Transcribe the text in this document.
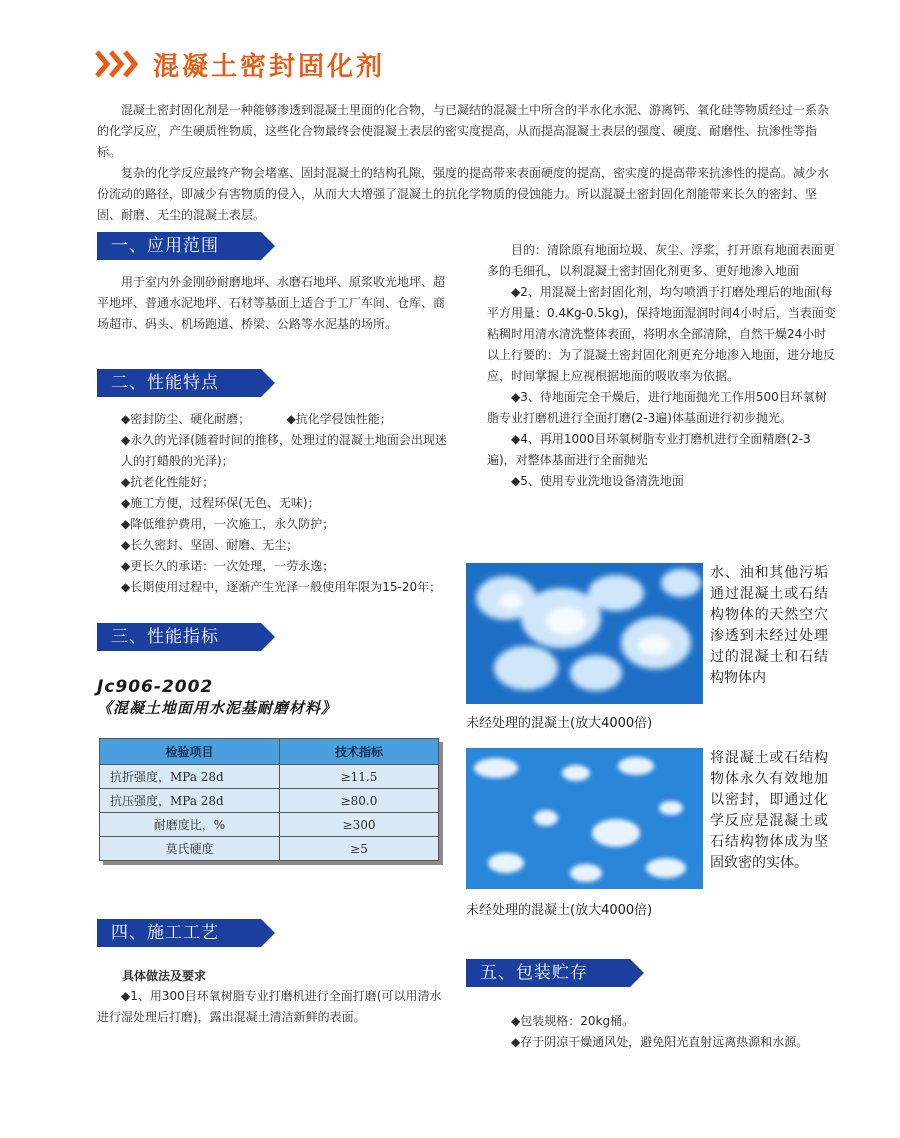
混凝土密封固化剂

混凝土密封固化剂是一种能够渗透到混凝土里面的化合物，与已凝结的混凝土中所含的半水化水泥、游离钙、氧化硅等物质经过一系杂的化学反应，产生硬质性物质，这些化合物最终会使混凝土表层的密实度提高，从而提高混凝土表层的强度、硬度、耐磨性、抗渗性等指标。

复杂的化学反应最终产物会堵塞、固封混凝土的结构孔隙，强度的提高带来表面硬度的提高，密实度的提高带来抗渗性的提高。减少水份流动的路径，即减少有害物质的侵入，从而大大增强了混凝土的抗化学物质的侵蚀能力。所以混凝土密封固化剂能带来长久的密封、坚固、耐磨、无尘的混凝土表层。

一、应用范围
用于室内外金刚砂耐磨地坪、水磨石地坪、原浆收光地坪、超平地坪、普通水泥地坪、石材等基面上适合于工厂车间、仓库、商场超市、码头、机场跑道、桥梁、公路等水泥基的场所。
二、性能特点
◆密封防尘、硬化耐磨；	◆抗化学侵蚀性能；

◆永久的光泽(随着时间的推移，处理过的混凝土地面会出现迷人的打蜡般的光泽)；

◆抗老化性能好；

◆施工方便，过程环保(无色、无味)；

◆降低维护费用，一次施工，永久防护；

◆长久密封、坚固、耐磨、无尘；

◆更长久的承诺：一次处理，一劳永逸；

◆长期使用过程中，逐渐产生光泽一般使用年限为15-20年；

三、性能指标
Jc906-2002
《混凝土地面用水泥基耐磨材料》
检验项目	技术指标
抗折强度，MPa 28d	≥11.5
抗压强度，MPa 28d	≥80.0
耐磨度比，%	≥300
莫氏硬度	≥5
四、施工工艺
具体做法及要求

◆1、用300目环氧树脂专业打磨机进行全面打磨(可以用清水进行湿处理后打磨)，露出混凝土清洁新鲜的表面。

目的：清除原有地面垃圾、灰尘、浮浆，打开原有地面表面更多的毛细孔，以利混凝土密封固化剂更多、更好地渗入地面

◆2、用混凝土密封固化剂，均匀喷洒于打磨处理后的地面(每平方用量：0.4Kg-0.5kg)，保持地面湿润时间4小时后，当表面变粘稠时用清水清洗整体表面，将明水全部清除，自然干燥24小时以上行要的：为了混凝土密封固化剂更充分地渗入地面，进分地反应，时间掌握上应视根据地面的吸收率为依据。

◆3、待地面完全干燥后，进行地面抛光工作用500目环氧树脂专业打磨机进行全面打磨(2-3遍)体基面进行初步抛光。

◆4、再用1000目环氧树脂专业打磨机进行全面精磨(2-3遍)，对整体基面进行全面抛光

◆5、使用专业洗地设备清洗地面

水、油和其他污垢通过混凝土或石结构物体的天然空穴渗透到未经过处理过的混凝土和石结构物体内
未经处理的混凝土(放大4000倍)
将混凝土或石结构物体永久有效地加以密封，即通过化学反应是混凝土或石结构物体成为坚固致密的实体。
未经处理的混凝土(放大4000倍)
五、包装贮存

◆包装规格：20kg桶。

◆存于阴凉干燥通风处，避免阳光直射远离热源和水源。
